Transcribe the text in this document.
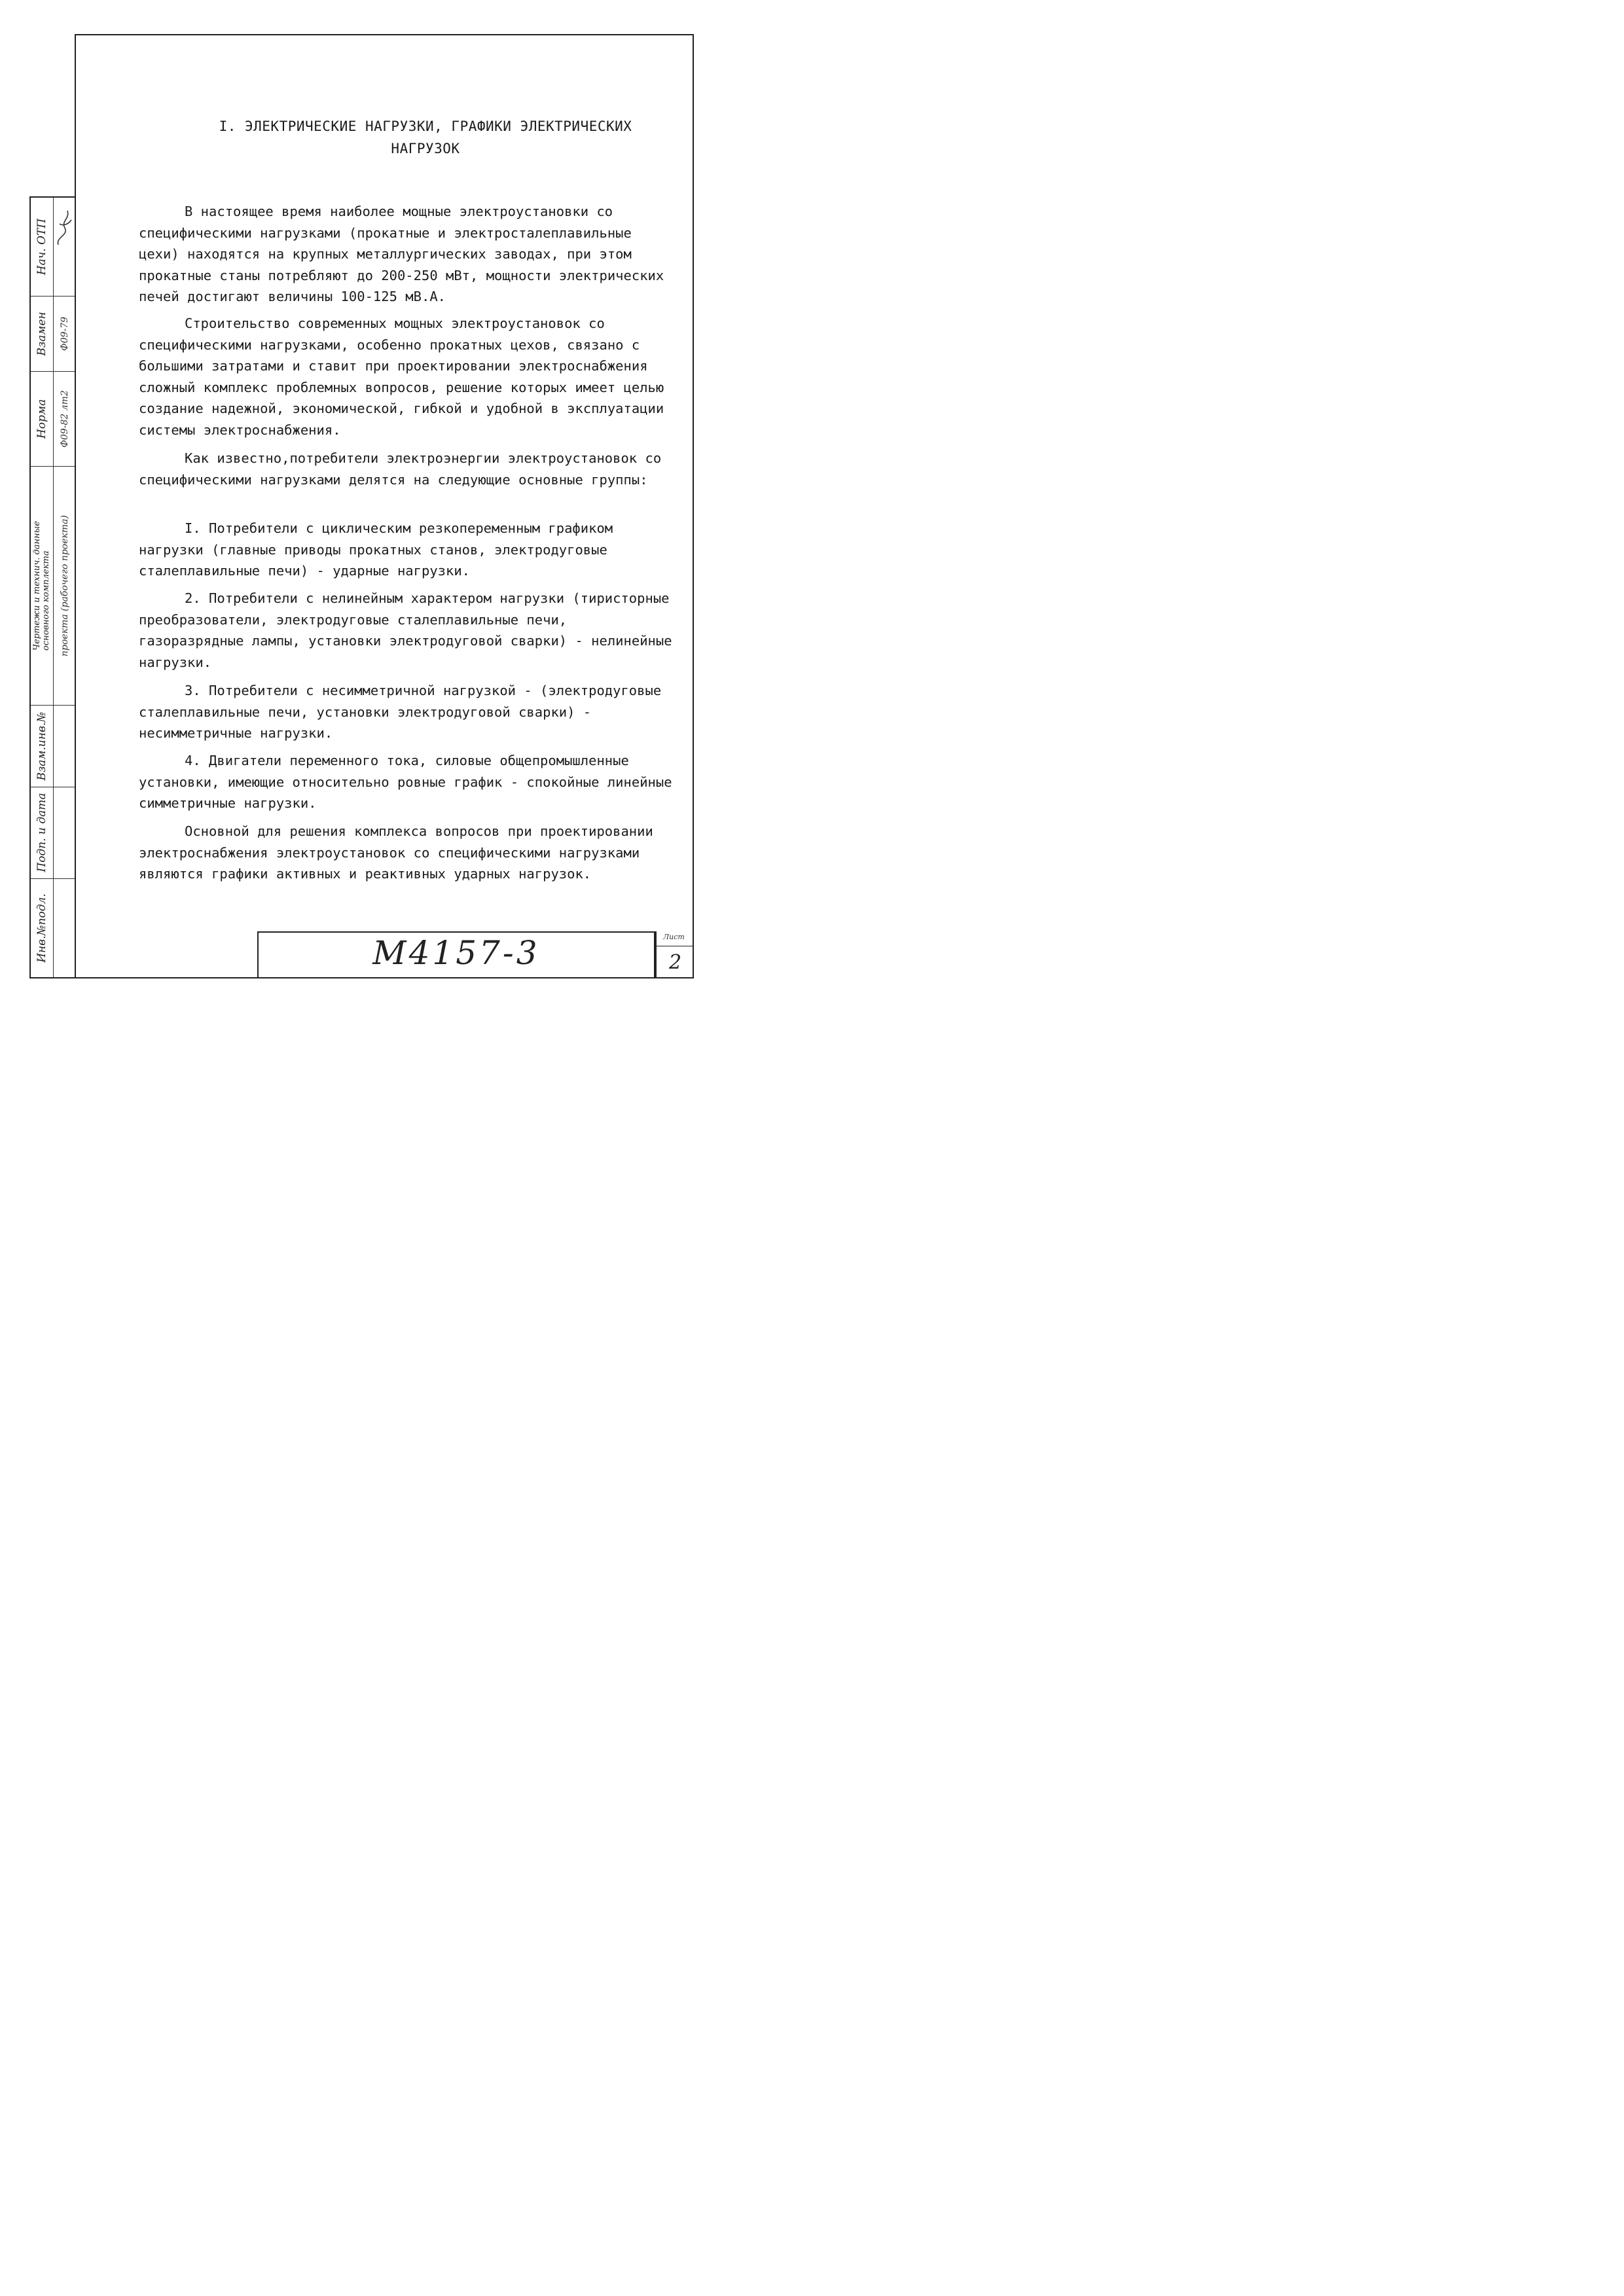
Нач. ОТП
Взамен Ф09-79
Норма Ф09-82 лт2
Чертежи и технич. данные
основного комплекта проекта (рабочего проекта)
Взам.инв.№
Подп. и дата
Инв.№подл.
I. ЭЛЕКТРИЧЕСКИЕ НАГРУЗКИ, ГРАФИКИ ЭЛЕКТРИЧЕСКИХ
НАГРУЗОК

В настоящее время наиболее мощные электроустановки со специфическими нагрузками (прокатные и электросталеплавильные цехи) находятся на крупных металлургических заводах, при этом прокатные станы потребляют до 200-250 мВт, мощности электрических печей достигают величины 100-125 мВ.А.

Строительство современных мощных электроустановок со специфическими нагрузками, особенно прокатных цехов, связано с большими затратами и ставит при проектировании электроснабжения сложный комплекс проблемных вопросов, решение которых имеет целью создание надежной, экономической, гибкой и удобной в эксплуатации системы электроснабжения.

Как известно,потребители электроэнергии электроустановок со специфическими нагрузками делятся на следующие основные группы:

I. Потребители с циклическим резкопеременным графиком нагрузки (главные приводы прокатных станов, электродуговые сталеплавильные печи) - ударные нагрузки.

2. Потребители с нелинейным характером нагрузки (тиристорные преобразователи, электродуговые сталеплавильные печи, газоразрядные лампы, установки электродуговой сварки) - нелинейные нагрузки.

3. Потребители с несимметричной нагрузкой - (электродуговые сталеплавильные печи, установки электродуговой сварки) - несимметричные нагрузки.

4. Двигатели переменного тока, силовые общепромышленные установки, имеющие относительно ровные график - спокойные линейные симметричные нагрузки.

Основной для решения комплекса вопросов при проектировании электроснабжения электроустановок со специфическими нагрузками являются графики активных и реактивных ударных нагрузок.

М4157-3	Лист
2
